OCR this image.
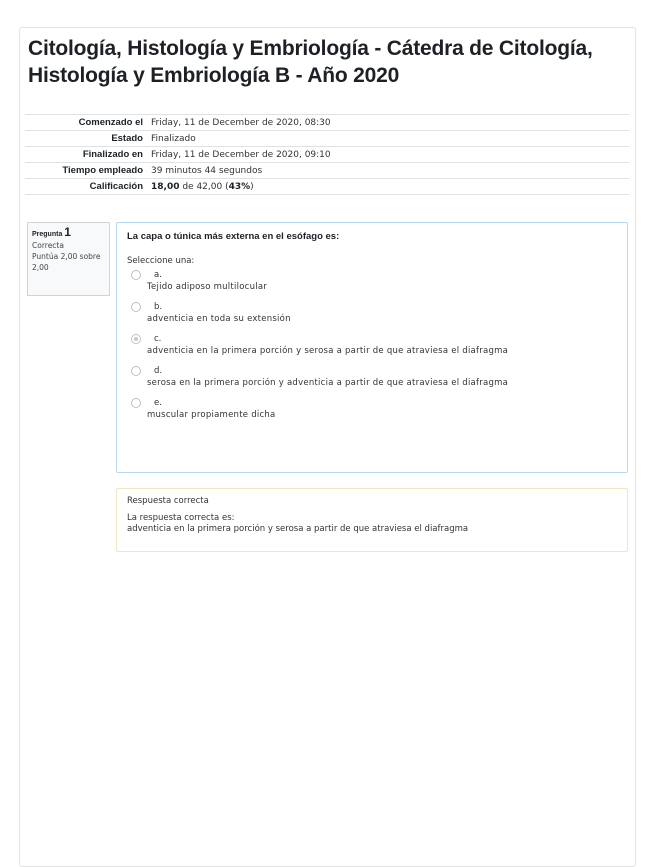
Citología, Histología y Embriología - Cátedra de Citología, Histología y Embriología B - Año 2020
Comenzado el	Friday, 11 de December de 2020, 08:30
Estado	Finalizado
Finalizado en	Friday, 11 de December de 2020, 09:10
Tiempo empleado	39 minutos 44 segundos
Calificación	18,00 de 42,00 (43%)
Pregunta 1
Correcta
Puntúa 2,00 sobre 2,00
La capa o túnica más externa en el esófago es:
Seleccione una:
a.
Tejido adiposo multilocular
b.
adventicia en toda su extensión
c.
adventicia en la primera porción y serosa a partir de que atraviesa el diafragma
d.
serosa en la primera porción y adventicia a partir de que atraviesa el diafragma
e.
muscular propiamente dicha
Respuesta correcta
La respuesta correcta es:
adventicia en la primera porción y serosa a partir de que atraviesa el diafragma
